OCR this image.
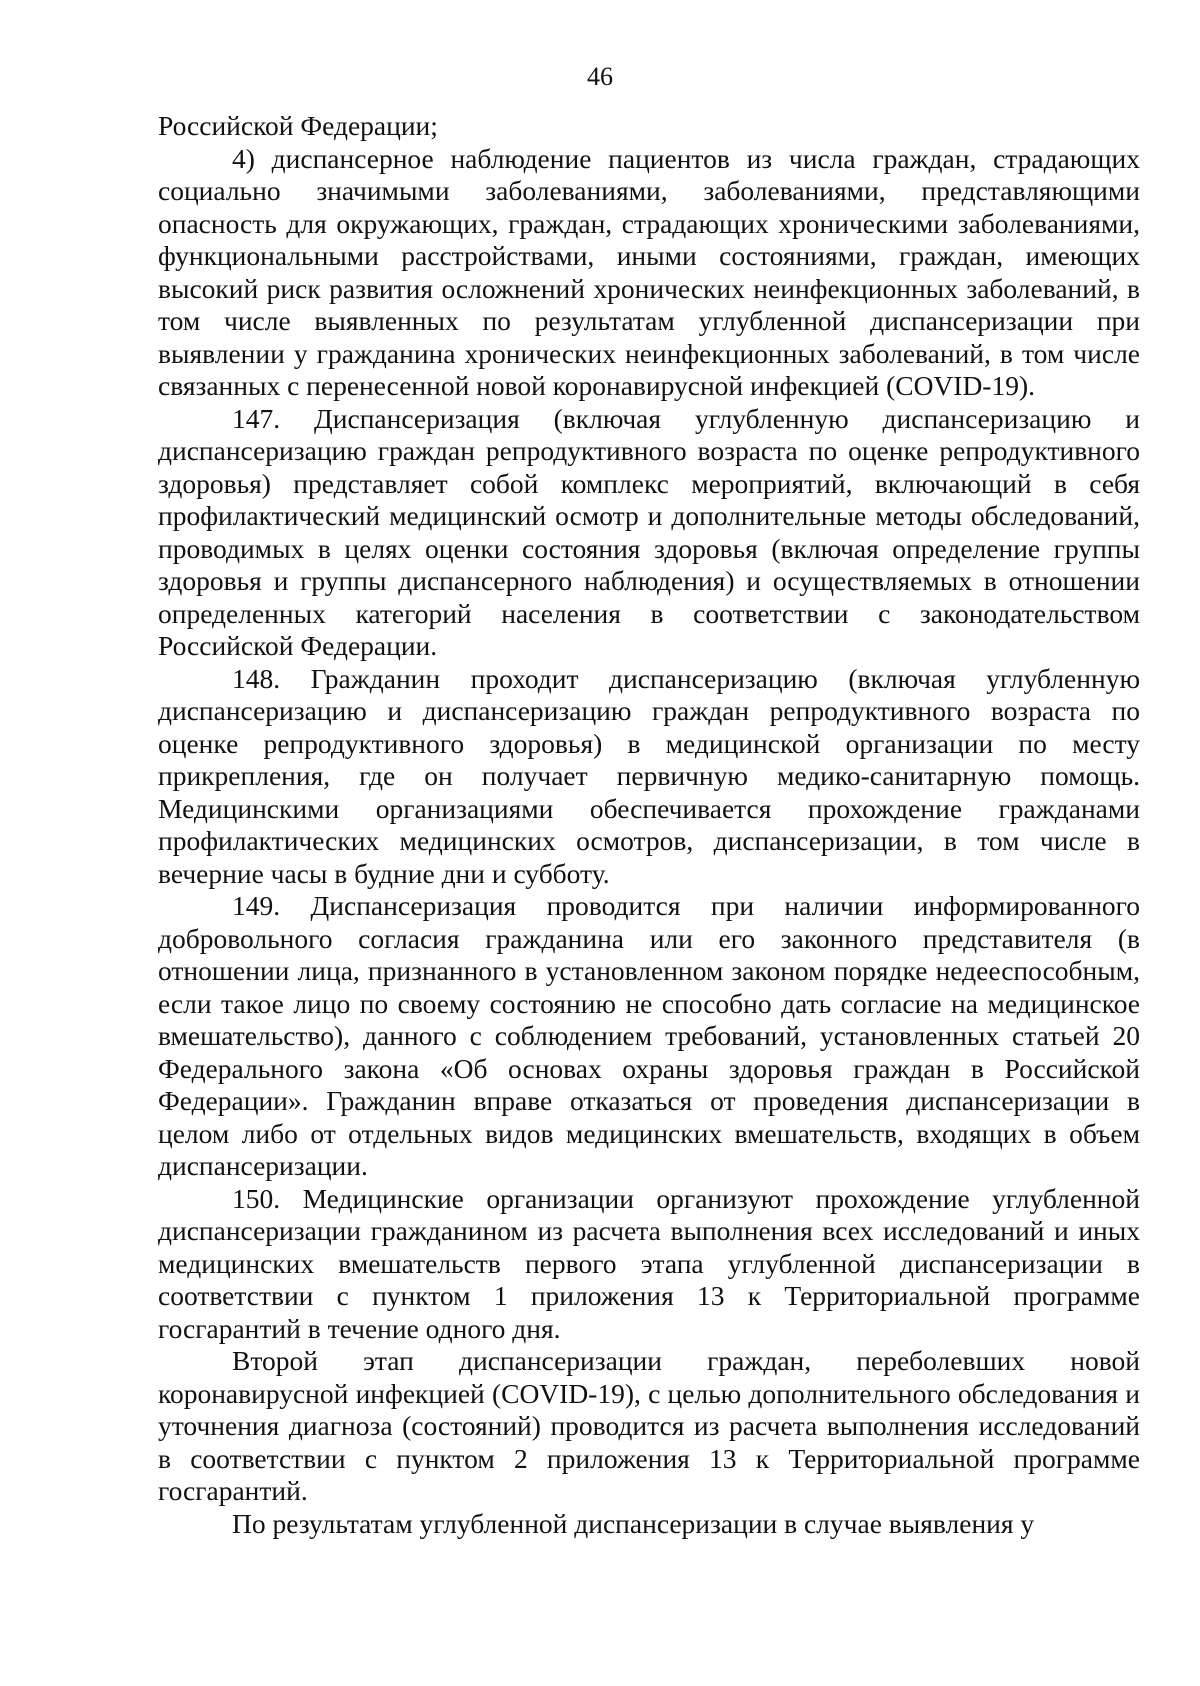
46

Российской Федерации;

4) диспансерное наблюдение пациентов из числа граждан, страдающих социально значимыми заболеваниями, заболеваниями, представляющими опасность для окружающих, граждан, страдающих хроническими заболеваниями, функциональными расстройствами, иными состояниями, граждан, имеющих высокий риск развития осложнений хронических неинфекционных заболеваний, в том числе выявленных по результатам углубленной диспансеризации при выявлении у гражданина хронических неинфекционных заболеваний, в том числе связанных с перенесенной новой коронавирусной инфекцией (COVID-19).

147. Диспансеризация (включая углубленную диспансеризацию и диспансеризацию граждан репродуктивного возраста по оценке репродуктивного здоровья) представляет собой комплекс мероприятий, включающий в себя профилактический медицинский осмотр и дополнительные методы обследований, проводимых в целях оценки состояния здоровья (включая определение группы здоровья и группы диспансерного наблюдения) и осуществляемых в отношении определенных категорий населения в соответствии с законодательством Российской Федерации.

148. Гражданин проходит диспансеризацию (включая углубленную диспансеризацию и диспансеризацию граждан репродуктивного возраста по оценке репродуктивного здоровья) в медицинской организации по месту прикрепления, где он получает первичную медико-санитарную помощь. Медицинскими организациями обеспечивается прохождение гражданами профилактических медицинских осмотров, диспансеризации, в том числе в вечерние часы в будние дни и субботу.

149. Диспансеризация проводится при наличии информированного добровольного согласия гражданина или его законного представителя (в отношении лица, признанного в установленном законом порядке недееспособным, если такое лицо по своему состоянию не способно дать согласие на медицинское вмешательство), данного с соблюдением требований, установленных статьей 20 Федерального закона «Об основах охраны здоровья граждан в Российской Федерации». Гражданин вправе отказаться от проведения диспансеризации в целом либо от отдельных видов медицинских вмешательств, входящих в объем диспансеризации.

150. Медицинские организации организуют прохождение углубленной диспансеризации гражданином из расчета выполнения всех исследований и иных медицинских вмешательств первого этапа углубленной диспансеризации в соответствии с пунктом 1 приложения 13 к Территориальной программе госгарантий в течение одного дня.

Второй этап диспансеризации граждан, переболевших новой коронавирусной инфекцией (COVID-19), с целью дополнительного обследования и уточнения диагноза (состояний) проводится из расчета выполнения исследований в соответствии с пунктом 2 приложения 13 к Территориальной программе госгарантий.

По результатам углубленной диспансеризации в случае выявления у
